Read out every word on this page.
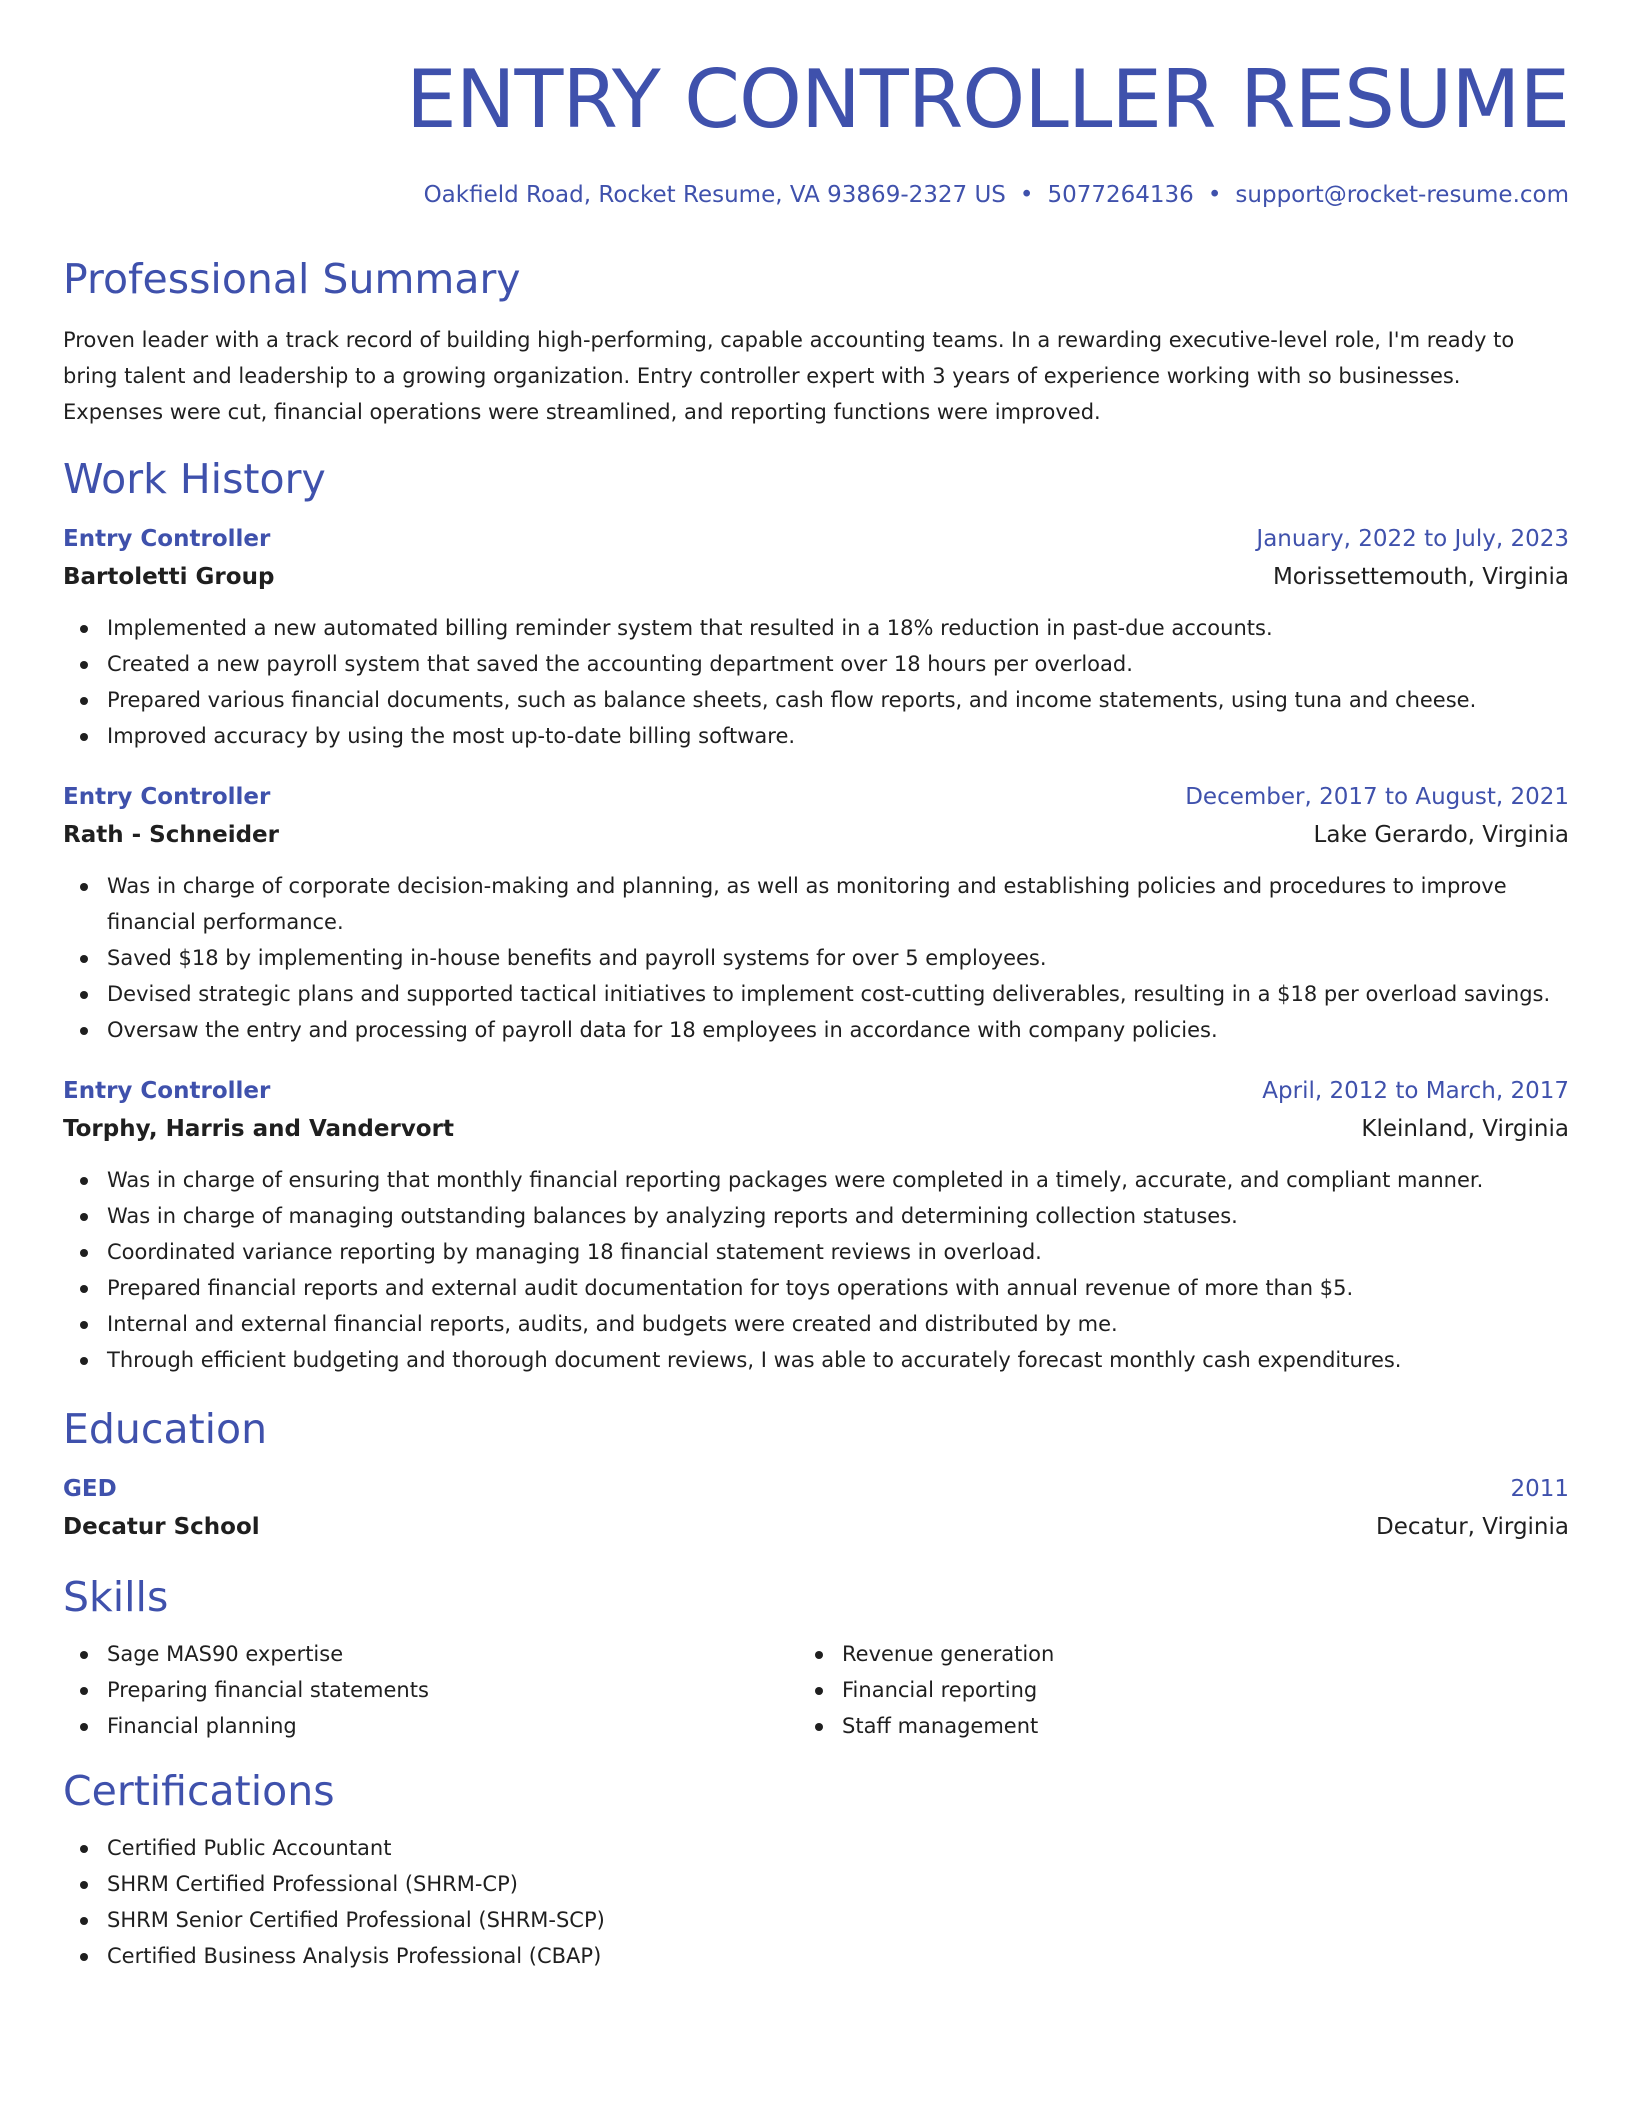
ENTRY CONTROLLER RESUME
Oakfield Road, Rocket Resume, VA 93869-2327 US • 5077264136 • support@rocket-resume.com
Professional Summary

Proven leader with a track record of building high-performing, capable accounting teams. In a rewarding executive-level role, I'm ready to bring talent and leadership to a growing organization. Entry controller expert with 3 years of experience working with so businesses. Expenses were cut, financial operations were streamlined, and reporting functions were improved.

Work History
Entry Controller	January, 2022 to July, 2023
Bartoletti Group	Morissettemouth, Virginia
Implemented a new automated billing reminder system that resulted in a 18% reduction in past-due accounts.
Created a new payroll system that saved the accounting department over 18 hours per overload.
Prepared various financial documents, such as balance sheets, cash flow reports, and income statements, using tuna and cheese.
Improved accuracy by using the most up-to-date billing software.
Entry Controller	December, 2017 to August, 2021
Rath - Schneider	Lake Gerardo, Virginia
Was in charge of corporate decision-making and planning, as well as monitoring and establishing policies and procedures to improve financial performance.
Saved $18 by implementing in-house benefits and payroll systems for over 5 employees.
Devised strategic plans and supported tactical initiatives to implement cost-cutting deliverables, resulting in a $18 per overload savings.
Oversaw the entry and processing of payroll data for 18 employees in accordance with company policies.
Entry Controller	April, 2012 to March, 2017
Torphy, Harris and Vandervort	Kleinland, Virginia
Was in charge of ensuring that monthly financial reporting packages were completed in a timely, accurate, and compliant manner.
Was in charge of managing outstanding balances by analyzing reports and determining collection statuses.
Coordinated variance reporting by managing 18 financial statement reviews in overload.
Prepared financial reports and external audit documentation for toys operations with annual revenue of more than $5.
Internal and external financial reports, audits, and budgets were created and distributed by me.
Through efficient budgeting and thorough document reviews, I was able to accurately forecast monthly cash expenditures.
Education
GED	2011
Decatur School	Decatur, Virginia
Skills
Sage MAS90 expertise
Preparing financial statements
Financial planning
Revenue generation
Financial reporting
Staff management
Certifications
Certified Public Accountant
SHRM Certified Professional (SHRM-CP)
SHRM Senior Certified Professional (SHRM-SCP)
Certified Business Analysis Professional (CBAP)
